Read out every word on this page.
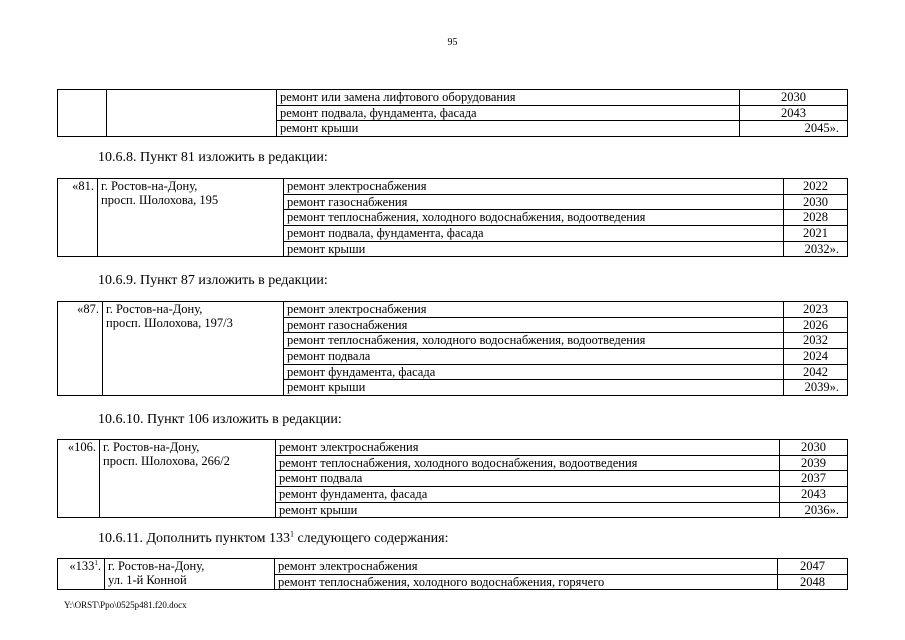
95
		ремонт или замена лифтового оборудования	2030
		ремонт подвала, фундамента, фасада	2043
		ремонт крыши	2045».
10.6.8. Пункт 81 изложить в редакции:
«81.	г. Ростов-на-Дону,
просп. Шолохова, 195	ремонт электроснабжения	2022
		ремонт газоснабжения	2030
		ремонт теплоснабжения, холодного водоснабжения, водоотведения	2028
		ремонт подвала, фундамента, фасада	2021
		ремонт крыши	2032».
10.6.9. Пункт 87 изложить в редакции:
«87.	г. Ростов-на-Дону,
просп. Шолохова, 197/3	ремонт электроснабжения	2023
		ремонт газоснабжения	2026
		ремонт теплоснабжения, холодного водоснабжения, водоотведения	2032
		ремонт подвала	2024
		ремонт фундамента, фасада	2042
		ремонт крыши	2039».
10.6.10. Пункт 106 изложить в редакции:
«106.	г. Ростов-на-Дону,
просп. Шолохова, 266/2	ремонт электроснабжения	2030
		ремонт теплоснабжения, холодного водоснабжения, водоотведения	2039
		ремонт подвала	2037
		ремонт фундамента, фасада	2043
		ремонт крыши	2036».
10.6.11. Дополнить пунктом $133^1$ следующего содержания:
«$133^1$.	г. Ростов-на-Дону,
ул. 1-й Конной	ремонт электроснабжения	2047
		ремонт теплоснабжения, холодного водоснабжения, горячего	2048
Y:\ORST\Ppo\0525p481.f20.docx
